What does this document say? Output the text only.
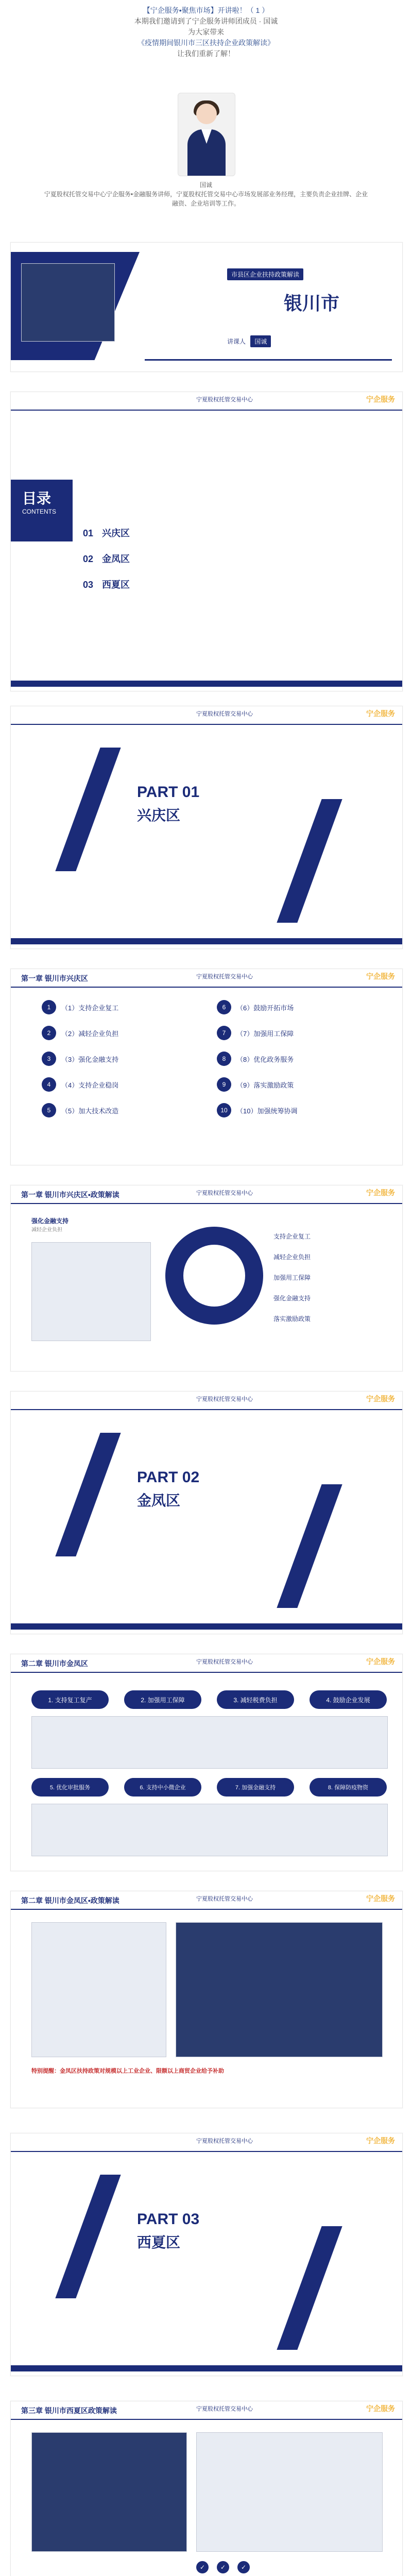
【宁企服务•聚焦市场】开讲啦！（ 1 ）
本期我们邀请到了宁企服务讲师团成员 · 国诚
为大家带来
《疫情期间银川市三区扶持企业政策解读》
让我们重新了解！
国诚
宁夏股权托管交易中心宁企服务•金融服务讲师，宁夏股权托管交易中心市场发展部业务经理，主要负责企业挂牌、企业融资、企业培训等工作。
市县区企业扶持政策解读
银川市
讲课人 国诚
宁夏股权托管交易中心	宁企服务
目录
CONTENTS
01 兴庆区
02 金凤区
03 西夏区
宁夏股权托管交易中心	宁企服务
PART 01
兴庆区
第一章 银川市兴庆区	宁夏股权托管交易中心	宁企服务
1	（1）支持企业复工
2	（2）减轻企业负担
3	（3）强化金融支持
4	（4）支持企业稳岗
5	（5）加大技术改造
6	（6）鼓励开拓市场
7	（7）加强用工保障
8	（8）优化政务服务
9	（9）落实激励政策
10	（10）加强统筹协调
第一章 银川市兴庆区•政策解读	宁夏股权托管交易中心	宁企服务
强化金融支持
减轻企业负担
支持企业复工
减轻企业负担
加强用工保障
强化金融支持
落实激励政策
宁夏股权托管交易中心	宁企服务
PART 02
金凤区
第二章 银川市金凤区	宁夏股权托管交易中心	宁企服务
1. 支持复工复产	2. 加强用工保障	3. 减轻税费负担	4. 鼓励企业发展
5. 优化审批服务	6. 支持中小微企业	7. 加强金融支持	8. 保障防疫物资
第二章 银川市金凤区•政策解读	宁夏股权托管交易中心	宁企服务
特别提醒：金凤区扶持政策对规模以上工业企业、限额以上商贸企业给予补助
宁夏股权托管交易中心	宁企服务
PART 03
西夏区
第三章 银川市西夏区政策解读	宁夏股权托管交易中心	宁企服务
✓	✓	✓
